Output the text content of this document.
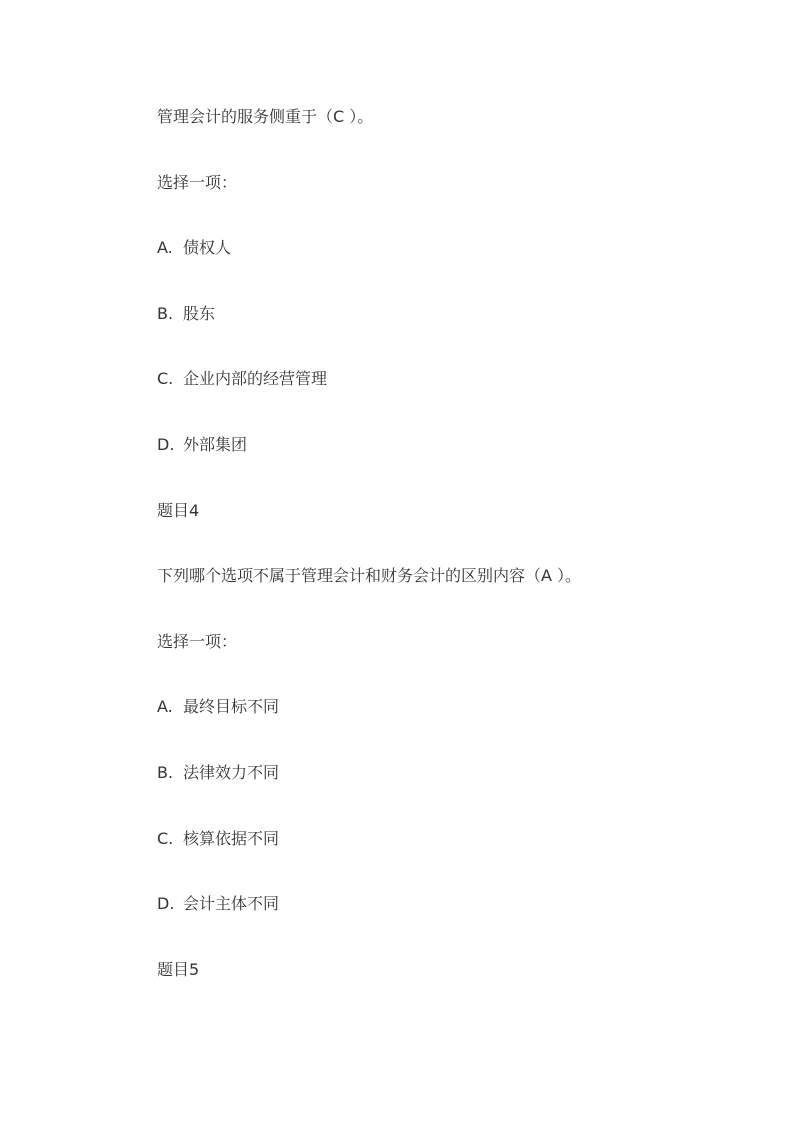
管理会计的服务侧重于（C ）。
选择一项：
A. 债权人
B. 股东
C. 企业内部的经营管理
D. 外部集团
题目4
下列哪个选项不属于管理会计和财务会计的区别内容（A ）。
选择一项：
A. 最终目标不同
B. 法律效力不同
C. 核算依据不同
D. 会计主体不同
题目5
